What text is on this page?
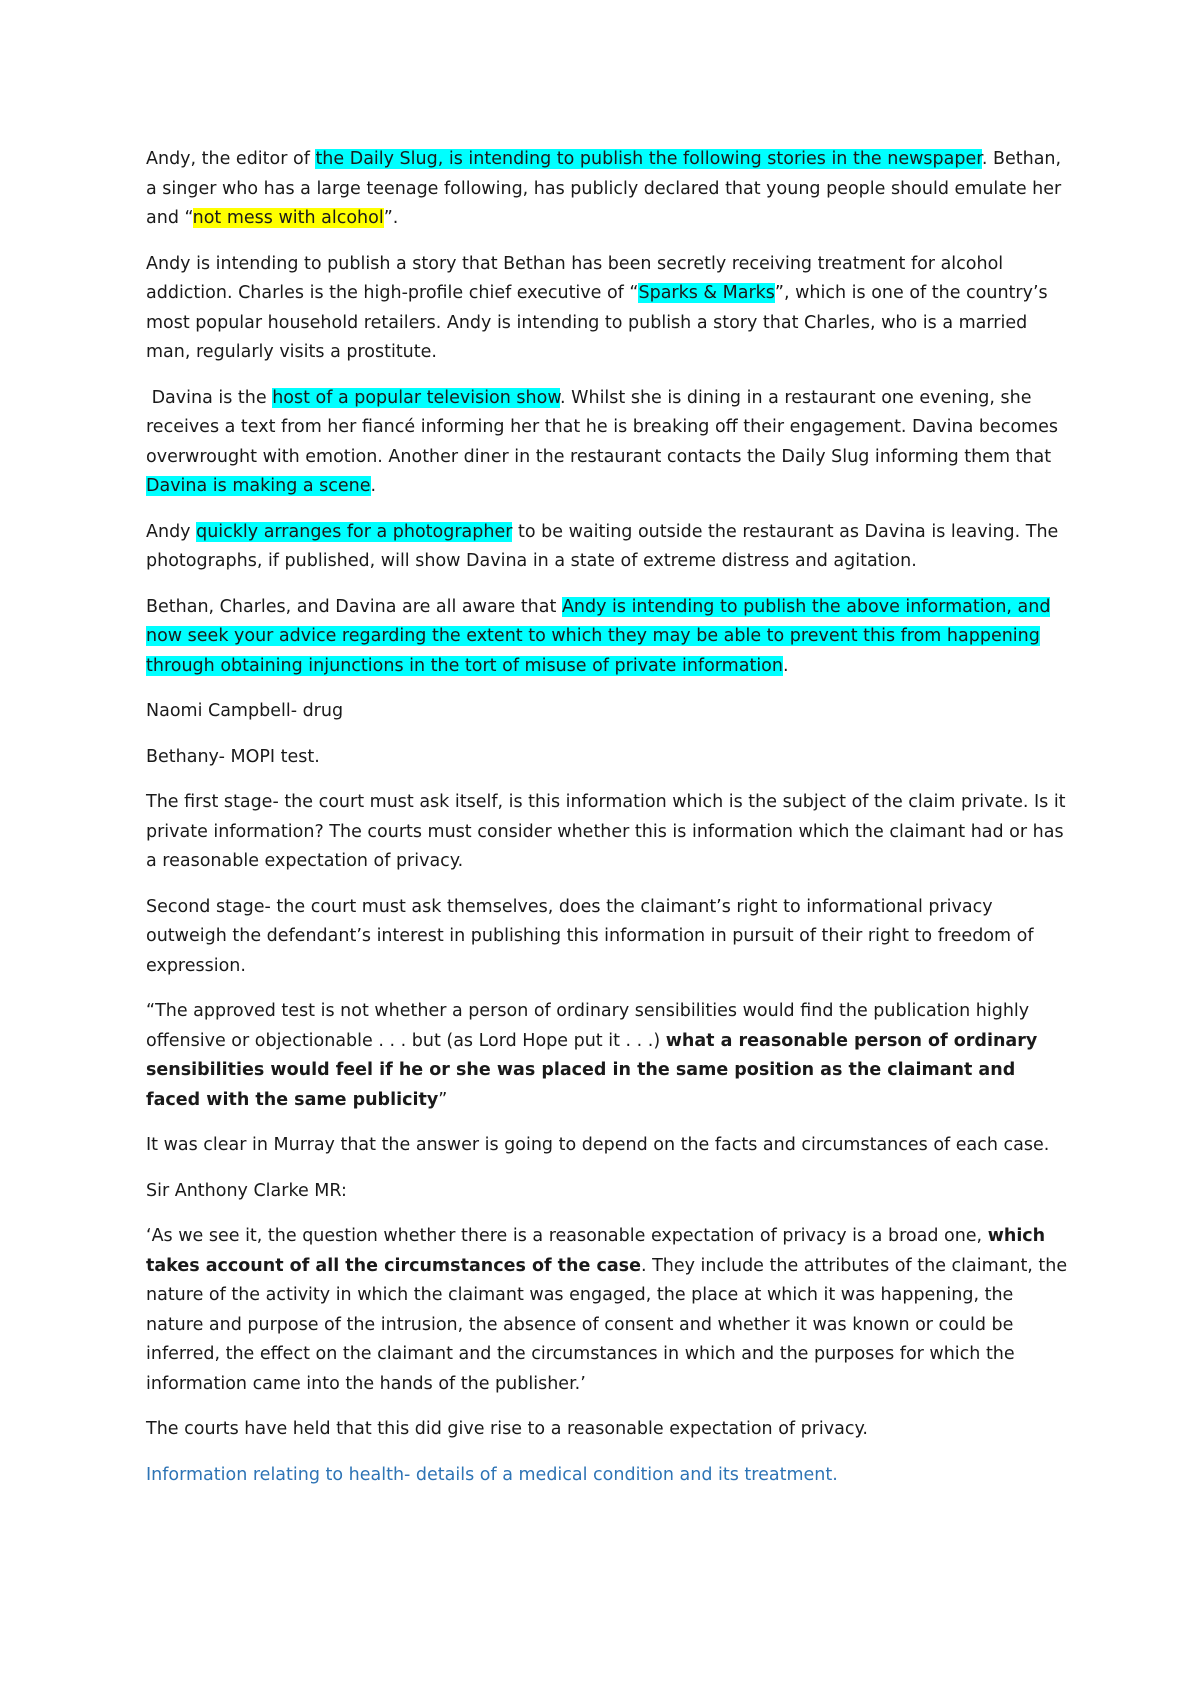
Andy, the editor of the Daily Slug, is intending to publish the following stories in the newspaper. Bethan, a singer who has a large teenage following, has publicly declared that young people should emulate her and “not mess with alcohol”.

Andy is intending to publish a story that Bethan has been secretly receiving treatment for alcohol addiction. Charles is the high-profile chief executive of “Sparks & Marks”, which is one of the country’s most popular household retailers. Andy is intending to publish a story that Charles, who is a married man, regularly visits a prostitute.

Davina is the host of a popular television show. Whilst she is dining in a restaurant one evening, she receives a text from her fiancé informing her that he is breaking off their engagement. Davina becomes overwrought with emotion. Another diner in the restaurant contacts the Daily Slug informing them that Davina is making a scene.

Andy quickly arranges for a photographer to be waiting outside the restaurant as Davina is leaving. The photographs, if published, will show Davina in a state of extreme distress and agitation.

Bethan, Charles, and Davina are all aware that Andy is intending to publish the above information, and now seek your advice regarding the extent to which they may be able to prevent this from happening through obtaining injunctions in the tort of misuse of private information.

Naomi Campbell- drug

Bethany- MOPI test.

The first stage- the court must ask itself, is this information which is the subject of the claim private. Is it private information? The courts must consider whether this is information which the claimant had or has a reasonable expectation of privacy.

Second stage- the court must ask themselves, does the claimant’s right to informational privacy outweigh the defendant’s interest in publishing this information in pursuit of their right to freedom of expression.

“The approved test is not whether a person of ordinary sensibilities would find the publication highly offensive or objectionable . . . but (as Lord Hope put it . . .) what a reasonable person of ordinary sensibilities would feel if he or she was placed in the same position as the claimant and faced with the same publicity”

It was clear in Murray that the answer is going to depend on the facts and circumstances of each case.

Sir Anthony Clarke MR:

‘As we see it, the question whether there is a reasonable expectation of privacy is a broad one, which takes account of all the circumstances of the case. They include the attributes of the claimant, the nature of the activity in which the claimant was engaged, the place at which it was happening, the nature and purpose of the intrusion, the absence of consent and whether it was known or could be inferred, the effect on the claimant and the circumstances in which and the purposes for which the information came into the hands of the publisher.’

The courts have held that this did give rise to a reasonable expectation of privacy.

Information relating to health- details of a medical condition and its treatment.
